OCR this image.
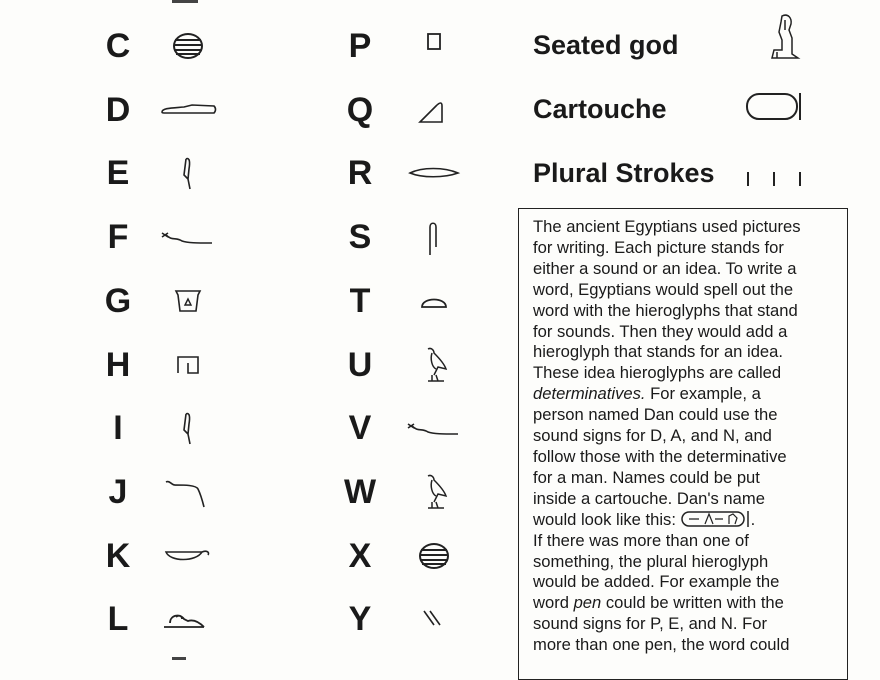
C
D
E
F
G
H
I
J
K
L
P
Q
R
S
T
U
V
W
X
Y
Seated god
Cartouche
Plural Strokes
The ancient Egyptians used pictures
for writing. Each picture stands for
either a sound or an idea. To write a
word, Egyptians would spell out the
word with the hieroglyphs that stand
for sounds. Then they would add a
hieroglyph that stands for an idea.
These idea hieroglyphs are called
determinatives. For example, a
person named Dan could use the
sound signs for D, A, and N, and
follow those with the determinative
for a man. Names could be put
inside a cartouche. Dan's name
would look like this:	.
If there was more than one of
something, the plural hieroglyph
would be added. For example the
word pen could be written with the
sound signs for P, E, and N. For
more than one pen, the word could
